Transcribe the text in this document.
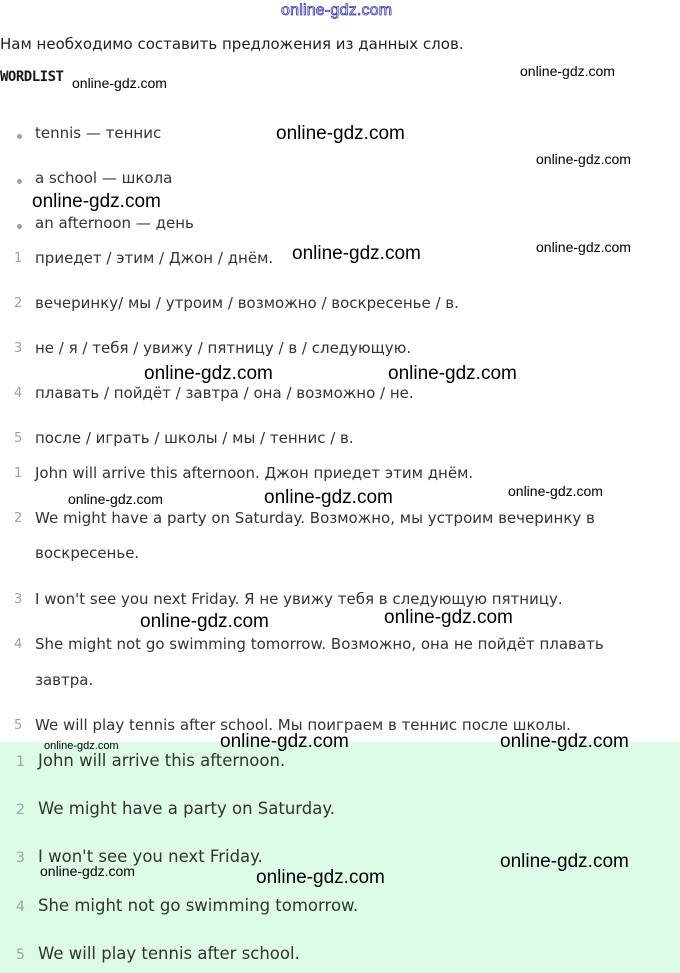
online-gdz.com
Нам необходимо составить предложения из данных слов.
WORDLIST
tennis — теннис
a school — школа
an afternoon — день
1 приедет / этим / Джон / днём.
2 вечеринку/ мы / утроим / возможно / воскресенье / в.
3 не / я / тебя / увижу / пятницу / в / следующую.
4 плавать / пойдёт / завтра / она / возможно / не.
5 после / играть / школы / мы / теннис / в.
1 John will arrive this afternoon. Джон приедет этим днём.
2 We might have a party on Saturday. Возможно, мы устроим вечеринку в
воскресенье.
3 I won't see you next Friday. Я не увижу тебя в следующую пятницу.
4 She might not go swimming tomorrow. Возможно, она не пойдёт плавать
завтра.
5 We will play tennis after school. Мы поиграем в теннис после школы.
1 John will arrive this afternoon.
2 We might have a party on Saturday.
3 I won't see you next Friday.
4 She might not go swimming tomorrow.
5 We will play tennis after school.
online-gdz.com
online-gdz.com
online-gdz.com
online-gdz.com
online-gdz.com
online-gdz.com	online-gdz.com
online-gdz.com	online-gdz.com
online-gdz.com	online-gdz.com	online-gdz.com
online-gdz.com
online-gdz.com
online-gdz.com	online-gdz.com	online-gdz.com
online-gdz.com
online-gdz.com	online-gdz.com
